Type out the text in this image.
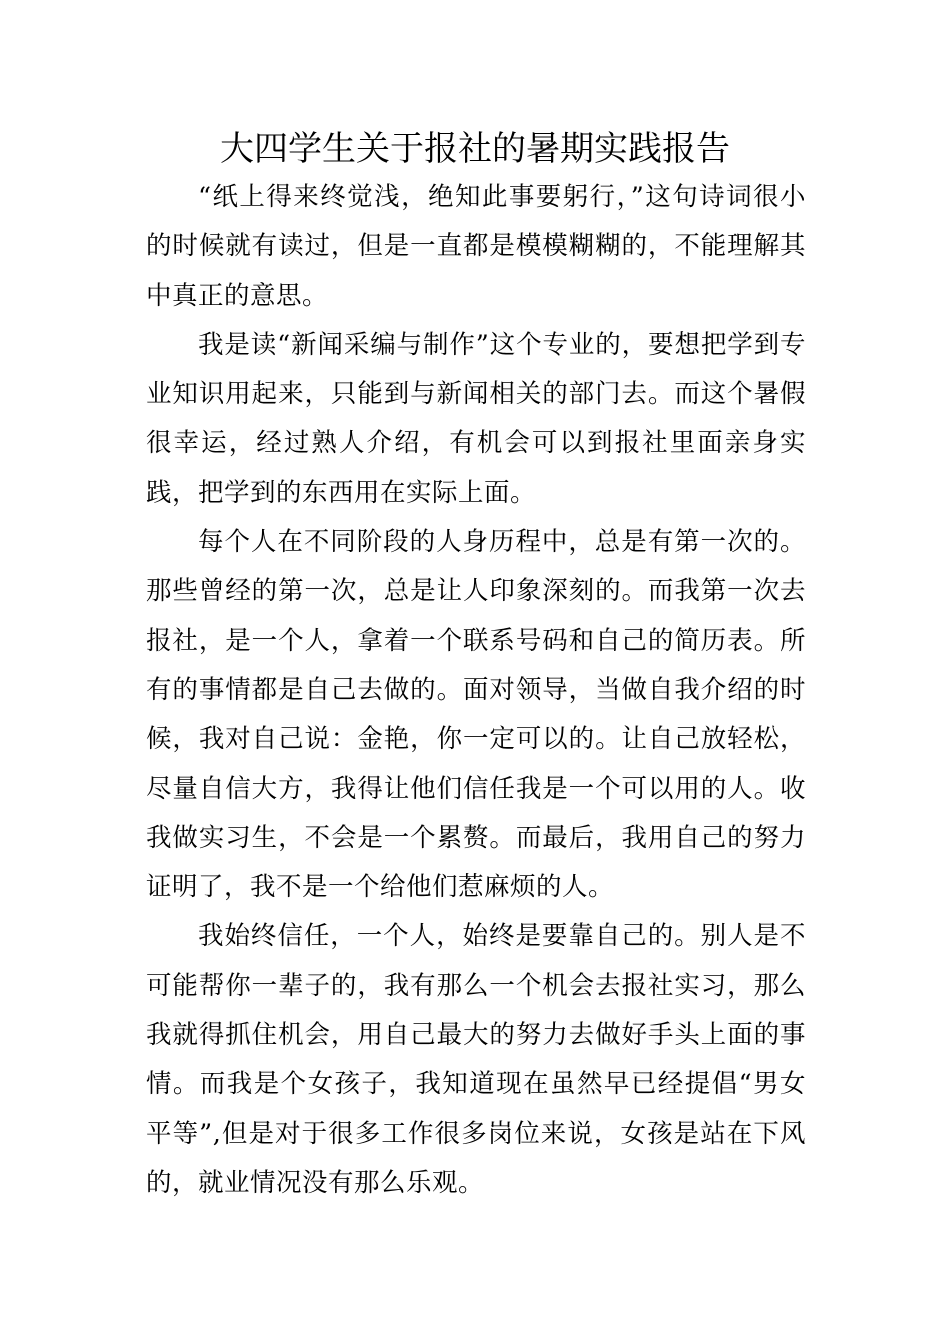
大四学生关于报社的暑期实践报告

“纸上得来终觉浅，绝知此事要躬行，”这句诗词很小的时候就有读过，但是一直都是模模糊糊的，不能理解其中真正的意思。

我是读“新闻采编与制作”这个专业的，要想把学到专业知识用起来，只能到与新闻相关的部门去。而这个暑假很幸运，经过熟人介绍，有机会可以到报社里面亲身实践，把学到的东西用在实际上面。

每个人在不同阶段的人身历程中，总是有第一次的。那些曾经的第一次，总是让人印象深刻的。而我第一次去报社，是一个人，拿着一个联系号码和自己的简历表。所有的事情都是自己去做的。面对领导，当做自我介绍的时候，我对自己说：金艳，你一定可以的。让自己放轻松，尽量自信大方，我得让他们信任我是一个可以用的人。收我做实习生，不会是一个累赘。而最后，我用自己的努力证明了，我不是一个给他们惹麻烦的人。

我始终信任，一个人，始终是要靠自己的。别人是不可能帮你一辈子的，我有那么一个机会去报社实习，那么我就得抓住机会，用自己最大的努力去做好手头上面的事情。而我是个女孩子，我知道现在虽然早已经提倡“男女平等”,但是对于很多工作很多岗位来说，女孩是站在下风的，就业情况没有那么乐观。
